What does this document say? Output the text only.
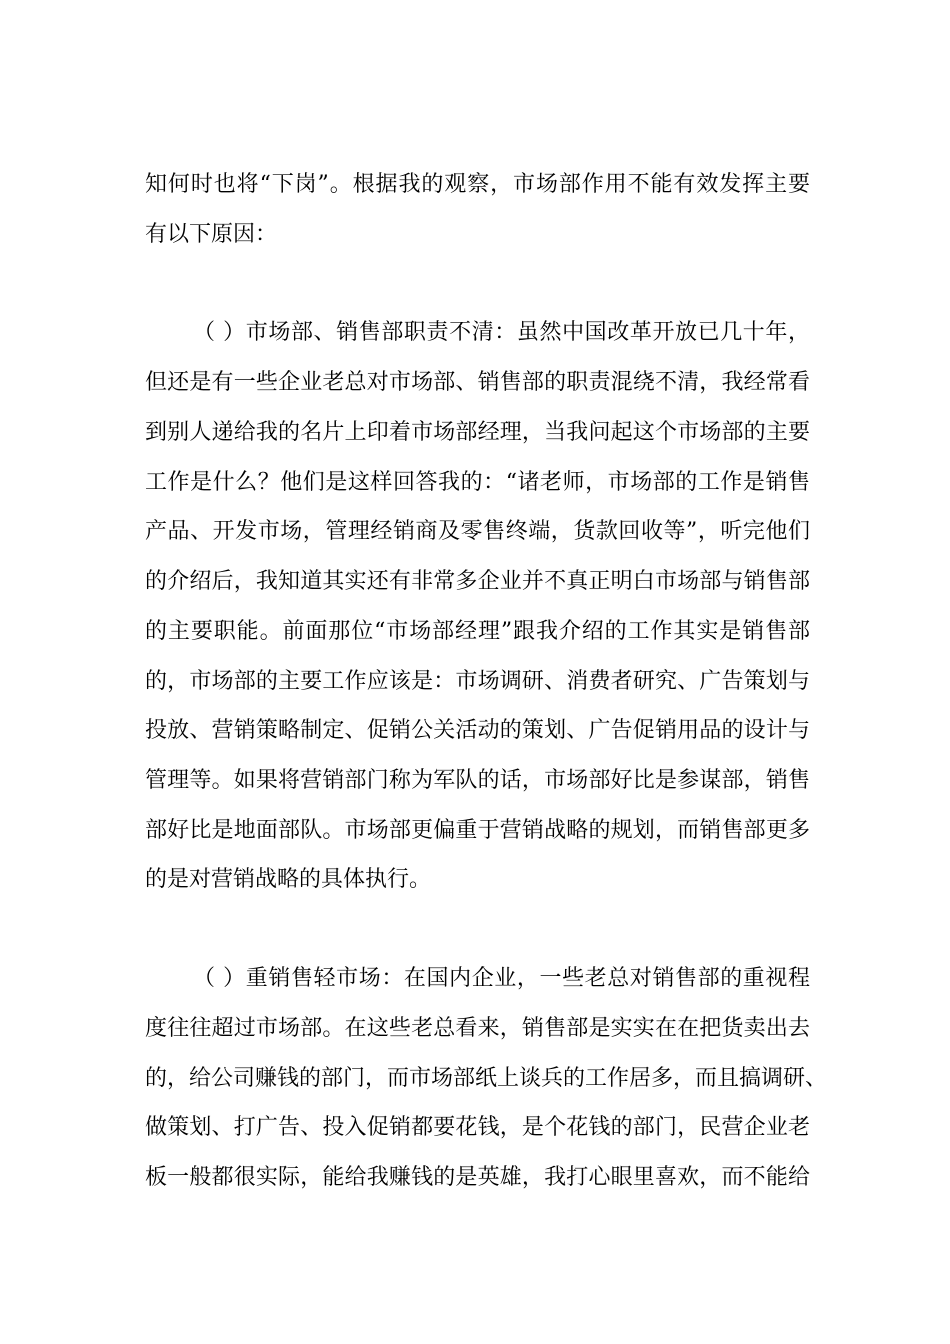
知何时也将“下岗”。根据我的观察，市场部作用不能有效发挥主要
有以下原因：
（ ）市场部、销售部职责不清：虽然中国改革开放已几十年，
但还是有一些企业老总对市场部、销售部的职责混绕不清，我经常看
到别人递给我的名片上印着市场部经理，当我问起这个市场部的主要
工作是什么？他们是这样回答我的：“诸老师，市场部的工作是销售
产品、开发市场，管理经销商及零售终端，货款回收等”，听完他们
的介绍后，我知道其实还有非常多企业并不真正明白市场部与销售部
的主要职能。前面那位“市场部经理”跟我介绍的工作其实是销售部
的，市场部的主要工作应该是：市场调研、消费者研究、广告策划与
投放、营销策略制定、促销公关活动的策划、广告促销用品的设计与
管理等。如果将营销部门称为军队的话，市场部好比是参谋部，销售
部好比是地面部队。市场部更偏重于营销战略的规划，而销售部更多
的是对营销战略的具体执行。
（ ）重销售轻市场：在国内企业，一些老总对销售部的重视程
度往往超过市场部。在这些老总看来，销售部是实实在在把货卖出去
的，给公司赚钱的部门，而市场部纸上谈兵的工作居多，而且搞调研、
做策划、打广告、投入促销都要花钱，是个花钱的部门，民营企业老
板一般都很实际，能给我赚钱的是英雄，我打心眼里喜欢，而不能给
